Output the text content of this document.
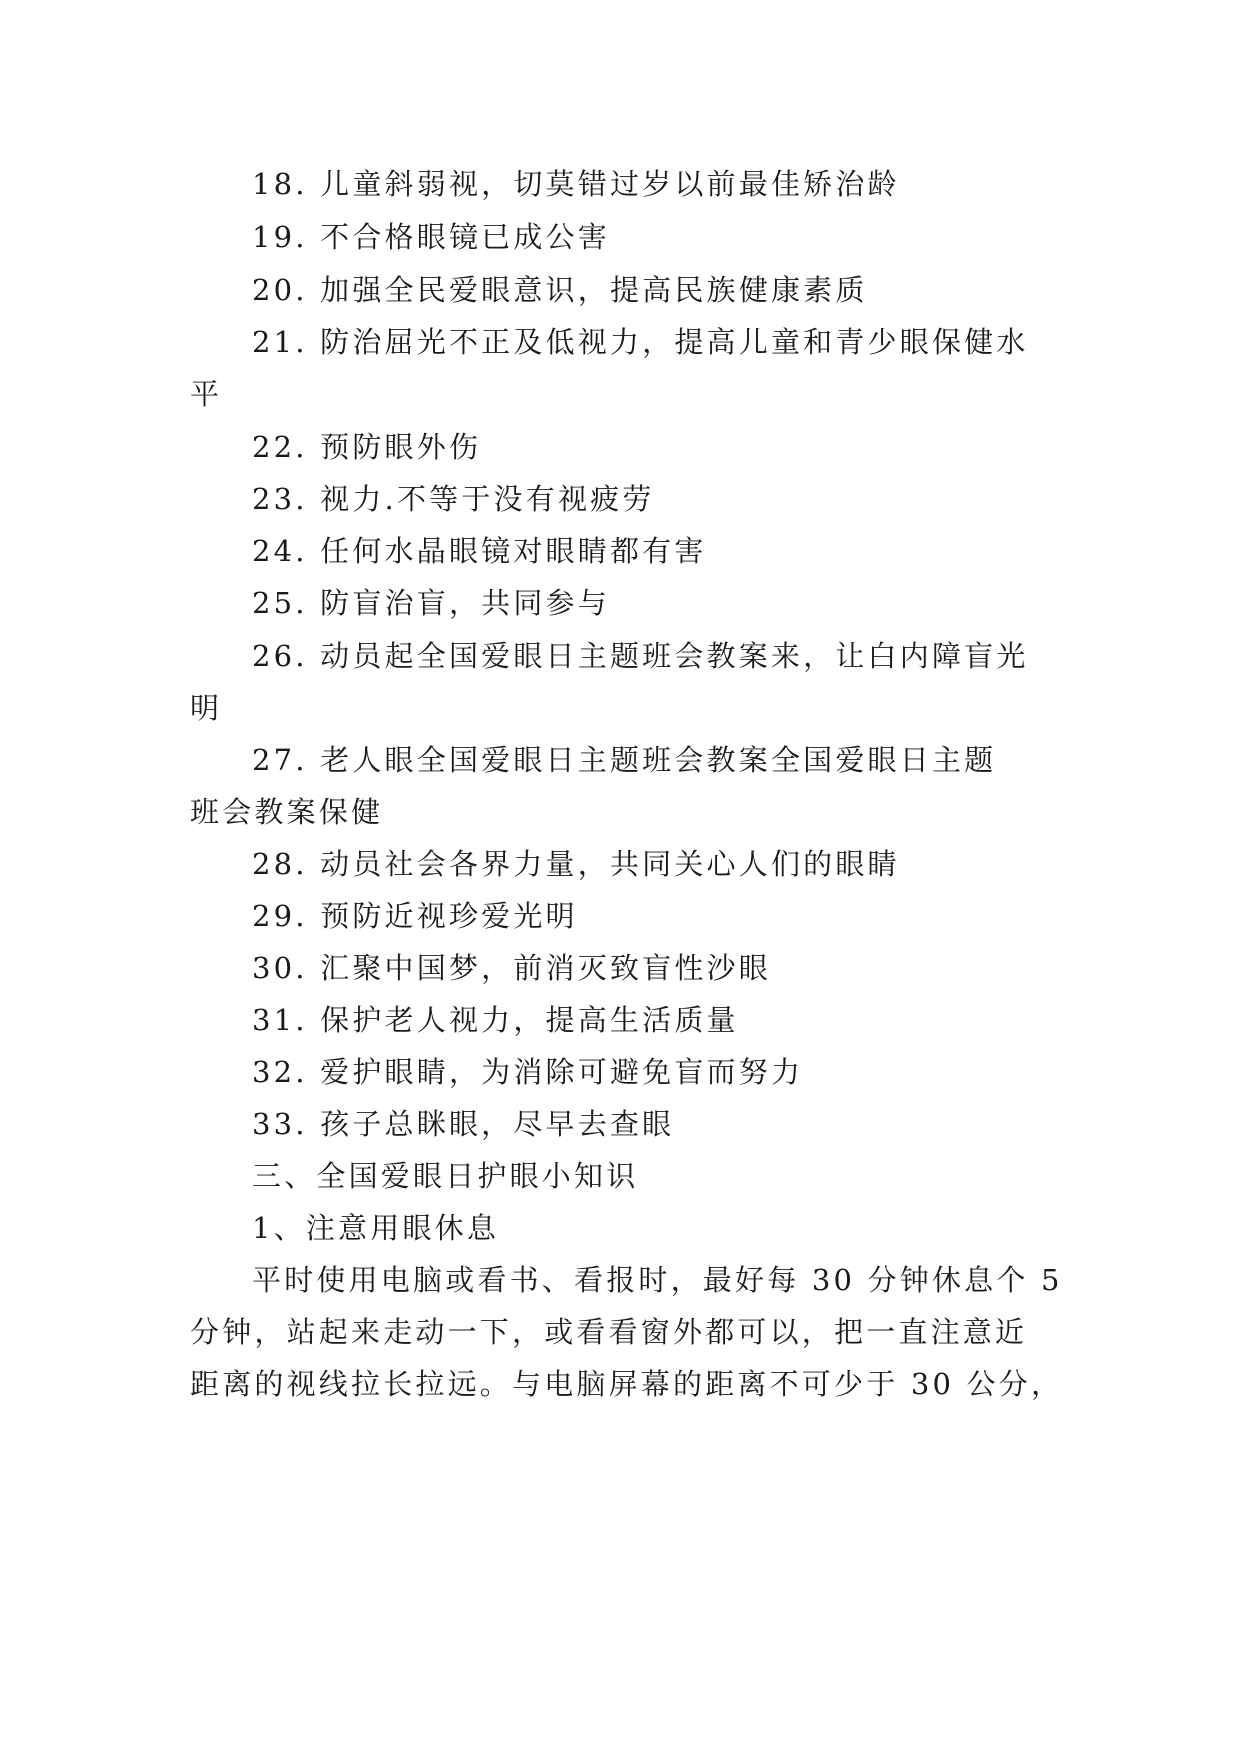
18. 儿童斜弱视，切莫错过岁以前最佳矫治龄
19. 不合格眼镜已成公害
20. 加强全民爱眼意识，提高民族健康素质
21. 防治屈光不正及低视力，提高儿童和青少眼保健水
平
22. 预防眼外伤
23. 视力.不等于没有视疲劳
24. 任何水晶眼镜对眼睛都有害
25. 防盲治盲，共同参与
26. 动员起全国爱眼日主题班会教案来，让白内障盲光
明
27. 老人眼全国爱眼日主题班会教案全国爱眼日主题
班会教案保健
28. 动员社会各界力量，共同关心人们的眼睛
29. 预防近视珍爱光明
30. 汇聚中国梦，前消灭致盲性沙眼
31. 保护老人视力，提高生活质量
32. 爱护眼睛，为消除可避免盲而努力
33. 孩子总眯眼，尽早去查眼
三、全国爱眼日护眼小知识
1、注意用眼休息
平时使用电脑或看书、看报时，最好每 30 分钟休息个 5
分钟，站起来走动一下，或看看窗外都可以，把一直注意近
距离的视线拉长拉远。与电脑屏幕的距离不可少于 30 公分，
